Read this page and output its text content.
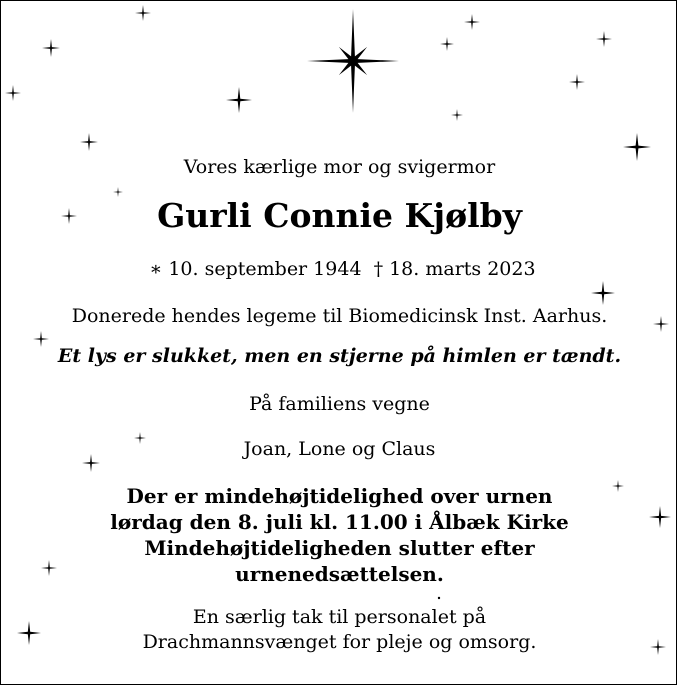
Vores kærlige mor og svigermor
Gurli Connie Kjølby
∗ 10. september 1944 † 18. marts 2023
Donerede hendes legeme til Biomedicinsk Inst. Aarhus.
Et lys er slukket, men en stjerne på himlen er tændt.
På familiens vegne
Joan, Lone og Claus
Der er mindehøjtidelighed over urnen
lørdag den 8. juli kl. 11.00 i Ålbæk Kirke
Mindehøjtideligheden slutter efter
urnenedsættelsen.
En særlig tak til personalet på
Drachmannsvænget for pleje og omsorg.
